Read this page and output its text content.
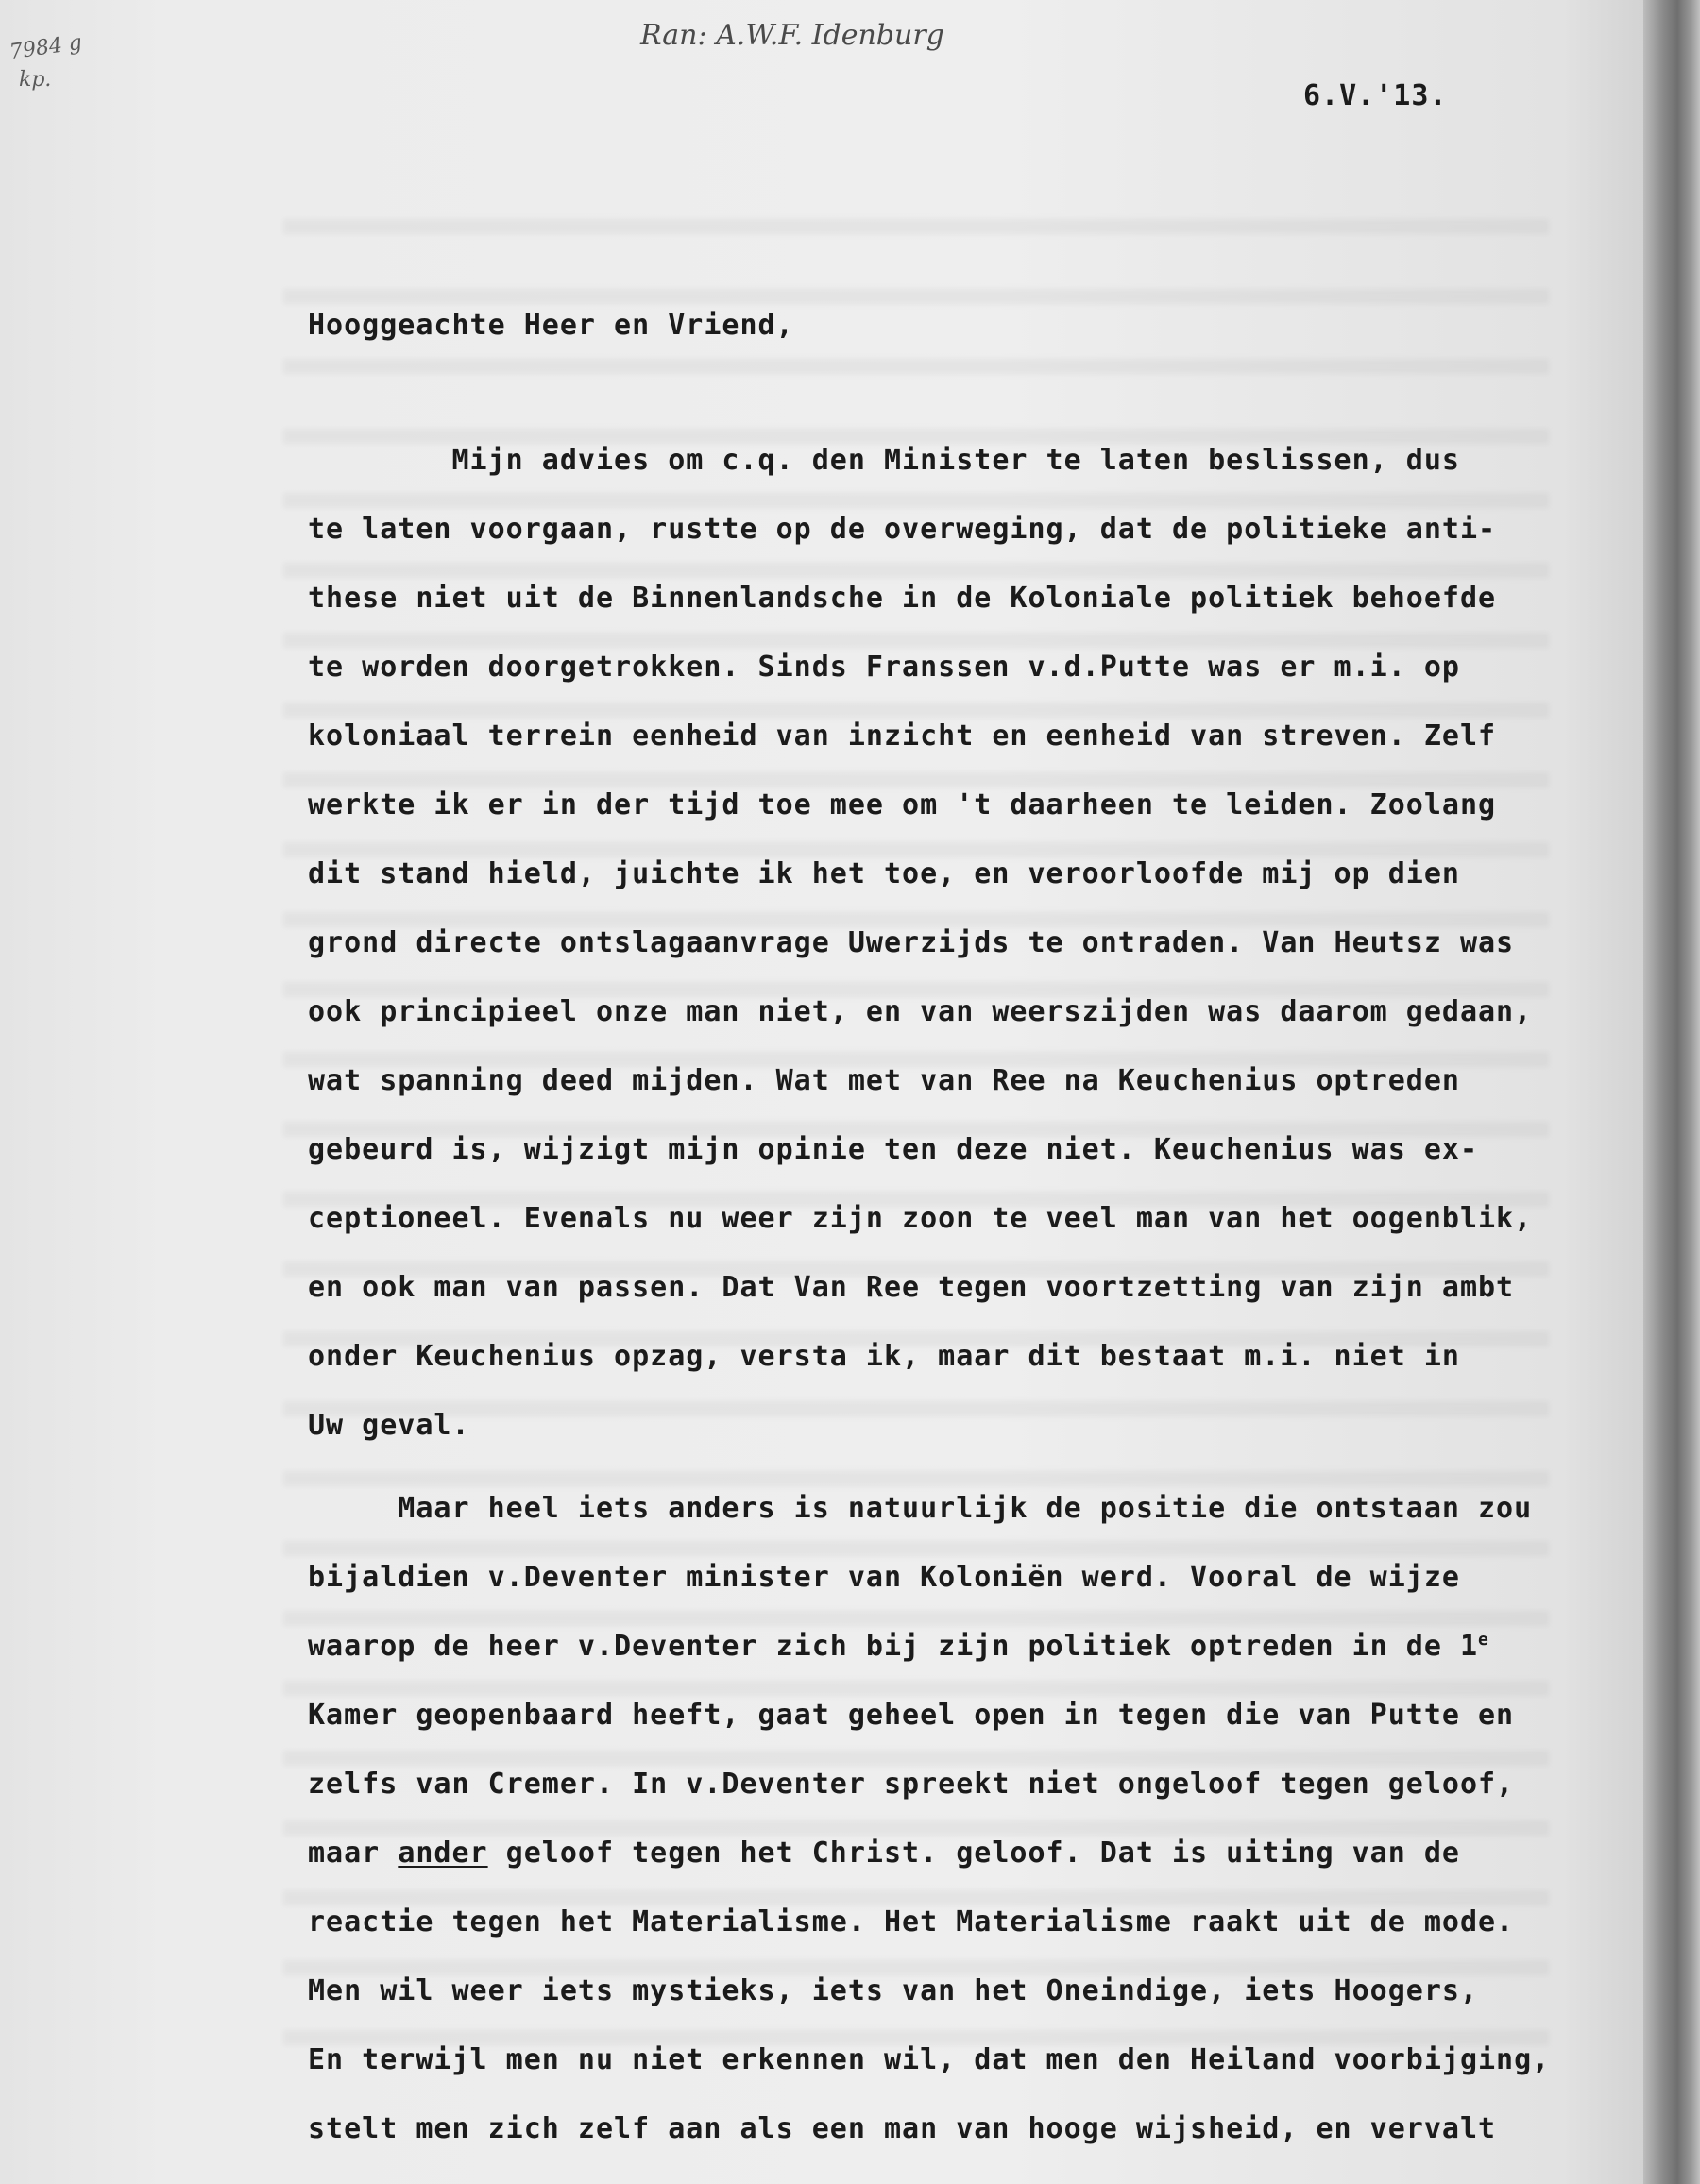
Ran: A.W.F. Idenburg
7984 g
kp.	6.V.'13.
Hooggeachte Heer en Vriend,
Mijn advies om c.q. den Minister te laten beslissen, dus
te laten voorgaan, rustte op de overweging, dat de politieke anti-
these niet uit de Binnenlandsche in de Koloniale politiek behoefde
te worden doorgetrokken. Sinds Franssen v.d.Putte was er m.i. op
koloniaal terrein eenheid van inzicht en eenheid van streven. Zelf
werkte ik er in der tijd toe mee om 't daarheen te leiden. Zoolang
dit stand hield, juichte ik het toe, en veroorloofde mij op dien
grond directe ontslagaanvrage Uwerzijds te ontraden. Van Heutsz was
ook principieel onze man niet, en van weerszijden was daarom gedaan,
wat spanning deed mijden. Wat met van Ree na Keuchenius optreden
gebeurd is, wijzigt mijn opinie ten deze niet. Keuchenius was ex-
ceptioneel. Evenals nu weer zijn zoon te veel man van het oogenblik,
en ook man van passen. Dat Van Ree tegen voortzetting van zijn ambt
onder Keuchenius opzag, versta ik, maar dit bestaat m.i. niet in
Uw geval.
Maar heel iets anders is natuurlijk de positie die ontstaan zou
bijaldien v.Deventer minister van Koloniën werd. Vooral de wijze
waarop de heer v.Deventer zich bij zijn politiek optreden in de 1e
Kamer geopenbaard heeft, gaat geheel open in tegen die van Putte en
zelfs van Cremer. In v.Deventer spreekt niet ongeloof tegen geloof,
maar ander geloof tegen het Christ. geloof. Dat is uiting van de
reactie tegen het Materialisme. Het Materialisme raakt uit de mode.
Men wil weer iets mystieks, iets van het Oneindige, iets Hoogers,
En terwijl men nu niet erkennen wil, dat men den Heiland voorbijging,
stelt men zich zelf aan als een man van hooge wijsheid, en vervalt
